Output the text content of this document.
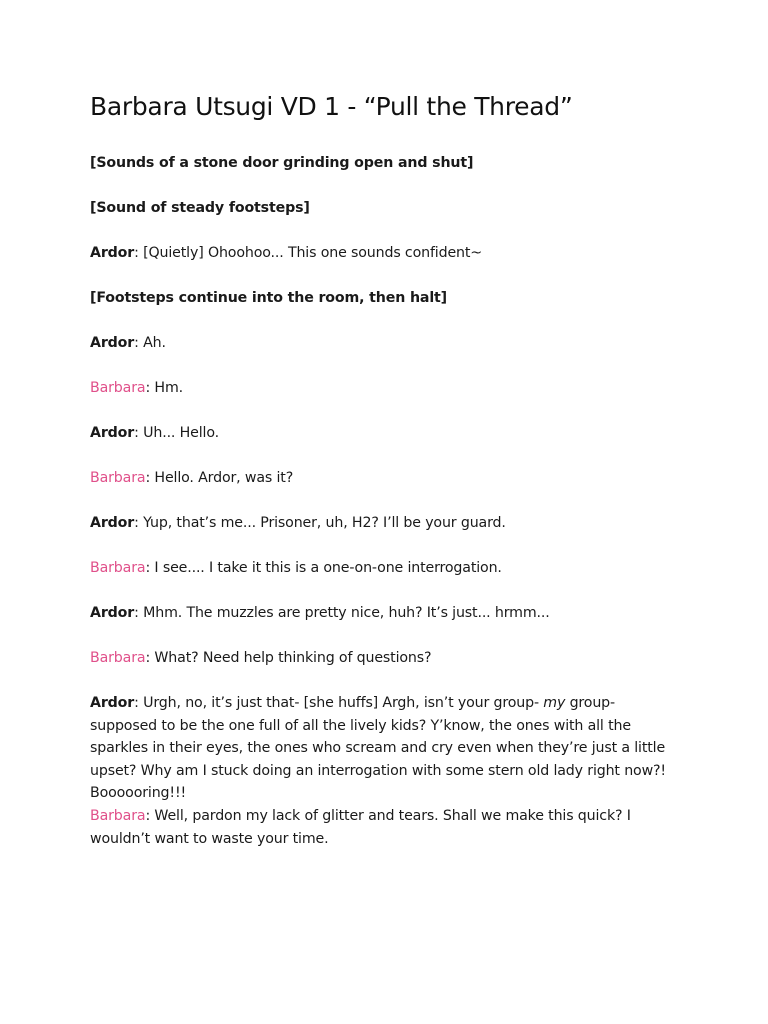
Barbara Utsugi VD 1 - “Pull the Thread”

[Sounds of a stone door grinding open and shut]

[Sound of steady footsteps]

Ardor: [Quietly] Ohoohoo... This one sounds confident~

[Footsteps continue into the room, then halt]

Ardor: Ah.

Barbara: Hm.

Ardor: Uh... Hello.

Barbara: Hello. Ardor, was it?

Ardor: Yup, that’s me... Prisoner, uh, H2? I’ll be your guard.

Barbara: I see.... I take it this is a one-on-one interrogation.

Ardor: Mhm. The muzzles are pretty nice, huh? It’s just... hrmm...

Barbara: What? Need help thinking of questions?

Ardor: Urgh, no, it’s just that- [she huffs] Argh, isn’t your group- my group- supposed to be the one full of all the lively kids? Y’know, the ones with all the sparkles in their eyes, the ones who scream and cry even when they’re just a little upset? Why am I stuck doing an interrogation with some stern old lady right now?! Boooooring!!!

Barbara: Well, pardon my lack of glitter and tears. Shall we make this quick? I wouldn’t want to waste your time.
